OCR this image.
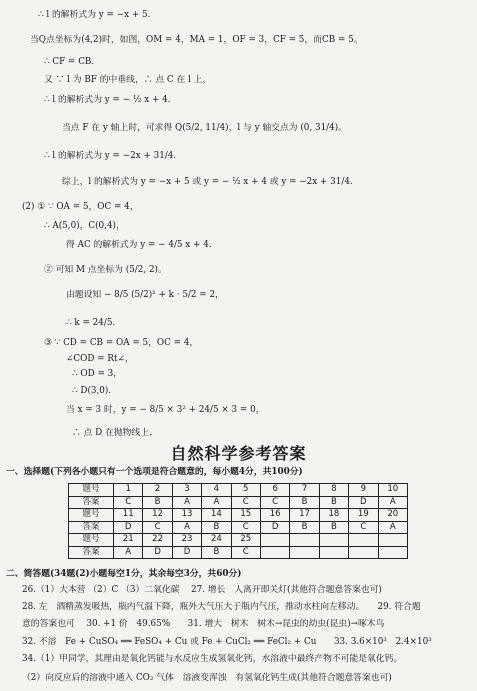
∴ l 的解析式为 y = −x + 5.
当Q点坐标为(4,2)时，如图，OM = 4，MA = 1，OF = 3，CF = 5，而CB = 5。
∴ CF = CB.
又 ∵ l 为 BF 的中垂线，∴ 点 C 在 l 上，
∴ l 的解析式为 y = − ½ x + 4.
当点 F 在 y 轴上时，可求得 Q(5/2, 11/4)，l 与 y 轴交点为 (0, 31/4)。
∴ l 的解析式为 y = −2x + 31/4.
综上，l 的解析式为 y = −x + 5 或 y = − ½ x + 4 或 y = −2x + 31/4.
(2) ① ∵ OA = 5，OC = 4，
∴ A(5,0)，C(0,4)，
得 AC 的解析式为 y = − 4/5 x + 4.
② 可知 M 点坐标为 (5/2, 2)。
由题设知 − 8/5 (5/2)² + k · 5/2 = 2，
∴ k = 24/5.
③ ∵ CD = CB = OA = 5，OC = 4，
∠COD = Rt∠，
∴ OD = 3，
∴ D(3,0).
当 x = 3 时，y = − 8/5 × 3² + 24/5 × 3 = 0，
∴ 点 D 在抛物线上.
自然科学参考答案
一、选择题(下列各小题只有一个选项是符合题意的，每小题4分，共100分)
题号	1	2	3	4	5	6	7	8	9	10
答案	C	B	A	A	C	C	B	B	D	A
题号	11	12	13	14	15	16	17	18	19	20
答案	D	C	A	B	C	D	B	B	C	A
题号	21	22	23	24	25					
答案	A	D	D	B	C					
二、简答题(34题(2)小题每空1分，其余每空3分，共60分)
26.（1）大本营 （2）C （3）二氧化碳 　27. 增长　人离开即关灯(其他符合题意答案也可)
28. 左　酒精蒸发吸热，瓶内气温下降，瓶外大气压大于瓶内气压，推动水柱向左移动。　　29. 符合题
意的答案也可　 30. +1 价　49.65%　　31. 增大　树木　树木→昆虫的幼虫(昆虫)→啄木鸟
32. 不溶　Fe + CuSO₄ ══ FeSO₄ + Cu 或 Fe + CuCl₂ ══ FeCl₂ + Cu　　33. 3.6×10³　2.4×10³
34.（1）甲同学，其理由是氧化钙能与水反应生成氢氧化钙，水溶液中最终产物不可能是氧化钙。
（2）向反应后的溶液中通入 CO₂ 气体　溶液变浑浊　有氢氧化钙生成(其他符合题意答案也可)
